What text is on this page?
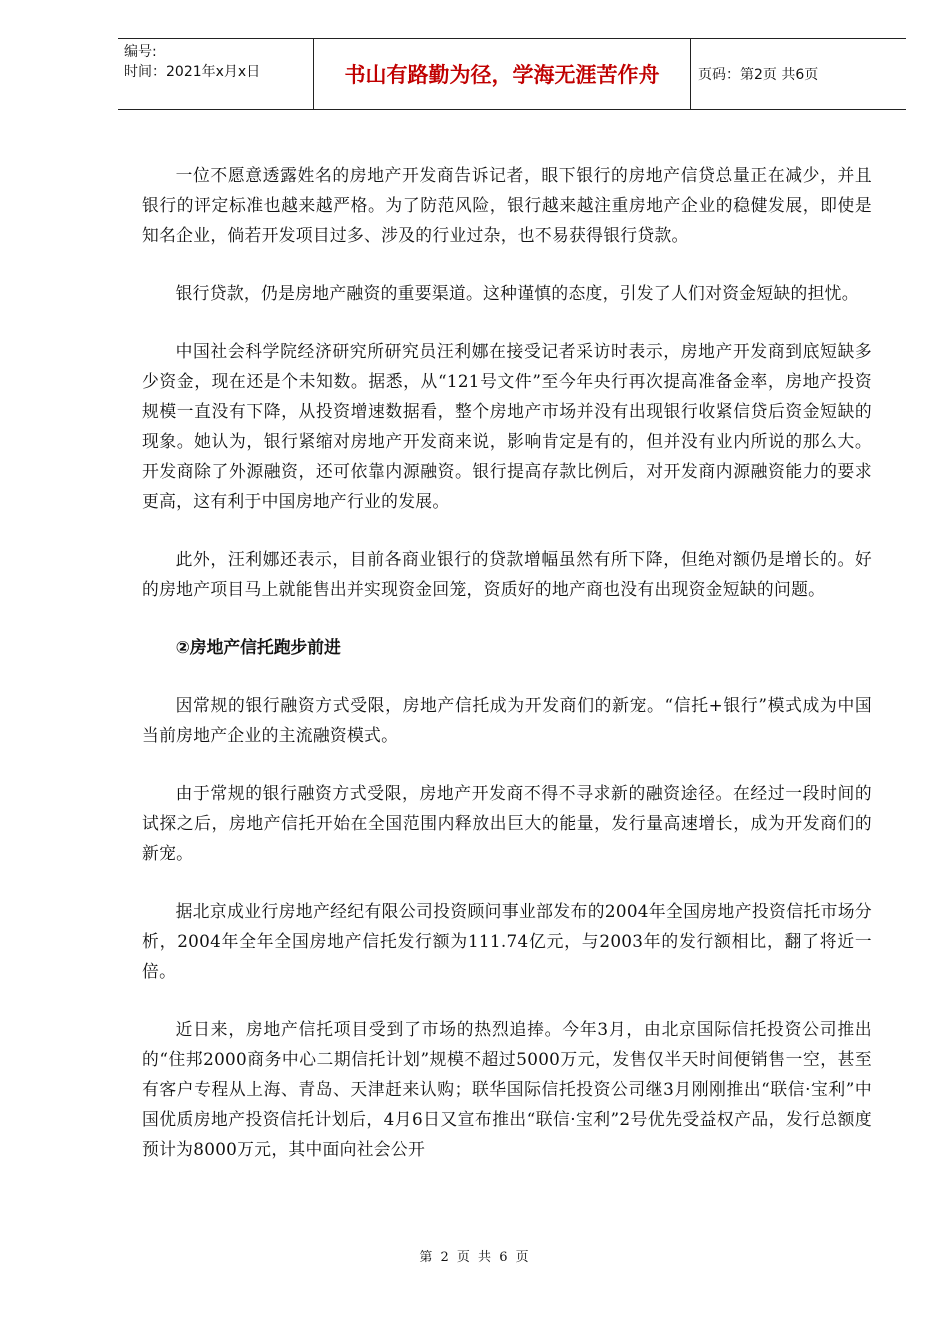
编号:
时间：2021年x月x日	书山有路勤为径，学海无涯苦作舟	页码：第2页 共6页

一位不愿意透露姓名的房地产开发商告诉记者，眼下银行的房地产信贷总量正在减少，并且银行的评定标准也越来越严格。为了防范风险，银行越来越注重房地产企业的稳健发展，即使是知名企业，倘若开发项目过多、涉及的行业过杂，也不易获得银行贷款。

银行贷款，仍是房地产融资的重要渠道。这种谨慎的态度，引发了人们对资金短缺的担忧。

中国社会科学院经济研究所研究员汪利娜在接受记者采访时表示，房地产开发商到底短缺多少资金，现在还是个未知数。据悉，从“121号文件”至今年央行再次提高准备金率，房地产投资规模一直没有下降，从投资增速数据看，整个房地产市场并没有出现银行收紧信贷后资金短缺的现象。她认为，银行紧缩对房地产开发商来说，影响肯定是有的，但并没有业内所说的那么大。开发商除了外源融资，还可依靠内源融资。银行提高存款比例后，对开发商内源融资能力的要求更高，这有利于中国房地产行业的发展。

此外，汪利娜还表示，目前各商业银行的贷款增幅虽然有所下降，但绝对额仍是增长的。好的房地产项目马上就能售出并实现资金回笼，资质好的地产商也没有出现资金短缺的问题。

②房地产信托跑步前进

因常规的银行融资方式受限，房地产信托成为开发商们的新宠。“信托+银行”模式成为中国当前房地产企业的主流融资模式。

由于常规的银行融资方式受限，房地产开发商不得不寻求新的融资途径。在经过一段时间的试探之后，房地产信托开始在全国范围内释放出巨大的能量，发行量高速增长，成为开发商们的新宠。

据北京成业行房地产经纪有限公司投资顾问事业部发布的2004年全国房地产投资信托市场分析，2004年全年全国房地产信托发行额为111.74亿元，与2003年的发行额相比，翻了将近一倍。

近日来，房地产信托项目受到了市场的热烈追捧。今年3月，由北京国际信托投资公司推出的“住邦2000商务中心二期信托计划”规模不超过5000万元，发售仅半天时间便销售一空，甚至有客户专程从上海、青岛、天津赶来认购；联华国际信托投资公司继3月刚刚推出“联信·宝利”中国优质房地产投资信托计划后，4月6日又宣布推出“联信·宝利”2号优先受益权产品，发行总额度预计为8000万元，其中面向社会公开

第 2 页 共 6 页
